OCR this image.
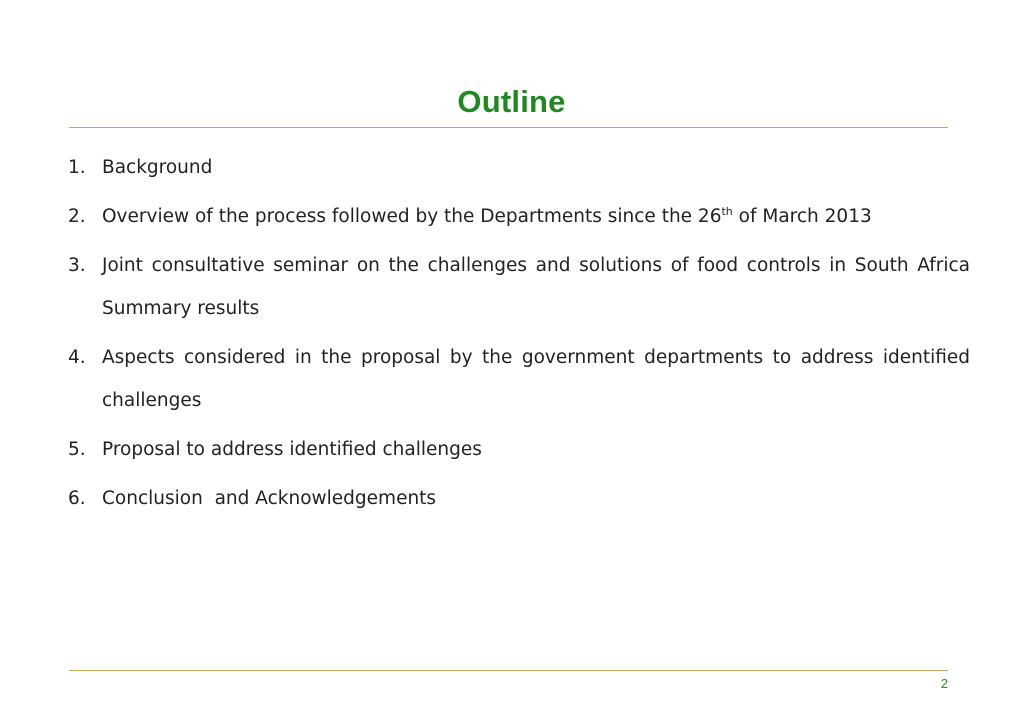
Outline
1. Background
2. Overview of the process followed by the Departments since the 26th of March 2013
3. Joint consultative seminar on the challenges and solutions of food controls in South Africa Summary results
4. Aspects considered in the proposal by the government departments to address identified challenges
5. Proposal to address identified challenges
6. Conclusion  and Acknowledgements
2
